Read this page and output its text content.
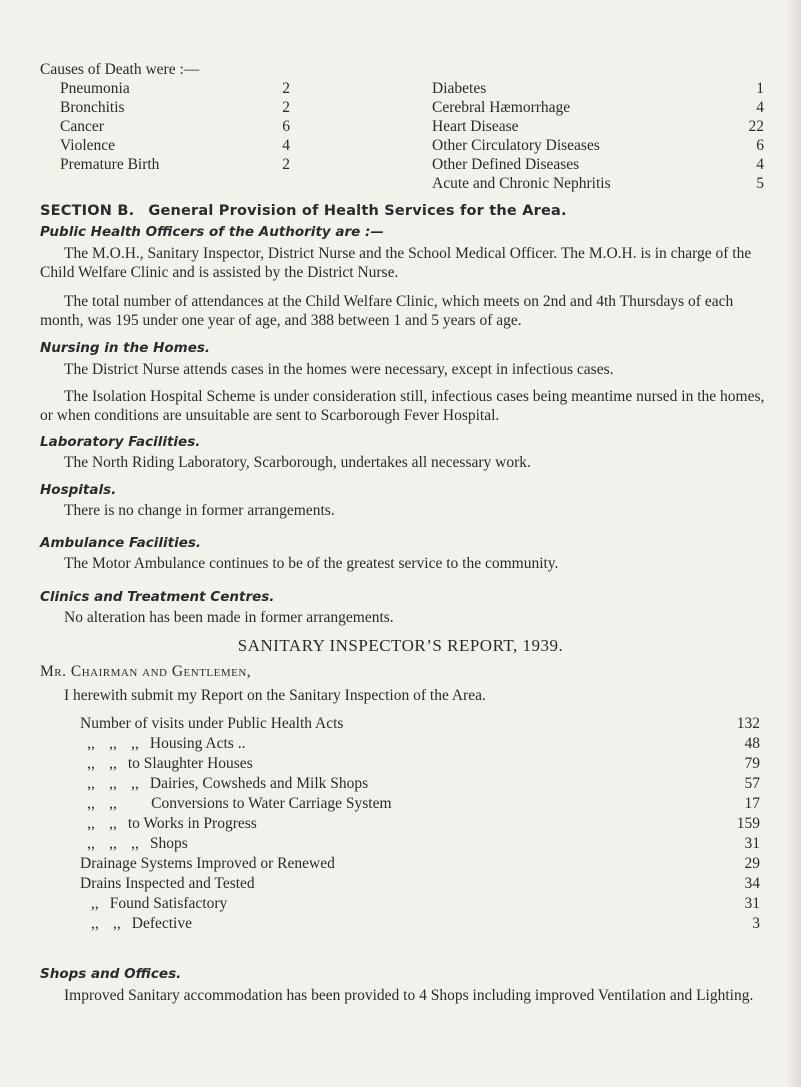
Causes of Death were :—
Pneumonia	2
Bronchitis	2
Cancer	6
Violence	4
Premature Birth	2
Diabetes	1
Cerebral Hæmorrhage	4
Heart Disease	22
Other Circulatory Diseases	6
Other Defined Diseases	4
Acute and Chronic Nephritis	5
SECTION B. General Provision of Health Services for the Area.
Public Health Officers of the Authority are :—
The M.O.H., Sanitary Inspector, District Nurse and the School Medical Officer. The M.O.H. is in charge of the Child Welfare Clinic and is assisted by the District Nurse.
The total number of attendances at the Child Welfare Clinic, which meets on 2nd and 4th Thursdays of each month, was 195 under one year of age, and 388 between 1 and 5 years of age.
Nursing in the Homes.
The District Nurse attends cases in the homes were necessary, except in infectious cases.
The Isolation Hospital Scheme is under consideration still, infectious cases being meantime nursed in the homes, or when conditions are unsuitable are sent to Scarborough Fever Hospital.
Laboratory Facilities.
The North Riding Laboratory, Scarborough, undertakes all necessary work.
Hospitals.
There is no change in former arrangements.
Ambulance Facilities.
The Motor Ambulance continues to be of the greatest service to the community.
Clinics and Treatment Centres.
No alteration has been made in former arrangements.
SANITARY INSPECTOR’S REPORT, 1939.
Mr. Chairman and Gentlemen,
I herewith submit my Report on the Sanitary Inspection of the Area.
Number of visits under Public Health Acts	132
,, ,, ,, Housing Acts ..	48
,, ,, to Slaughter Houses	79
,, ,, ,, Dairies, Cowsheds and Milk Shops	57
,, ,, Conversions to Water Carriage System	17
,, ,, to Works in Progress	159
,, ,, ,, Shops	31
Drainage Systems Improved or Renewed	29
Drains Inspected and Tested	34
,, Found Satisfactory	31
,, ,, Defective	3
Shops and Offices.
Improved Sanitary accommodation has been provided to 4 Shops including improved Ventilation and Lighting.
